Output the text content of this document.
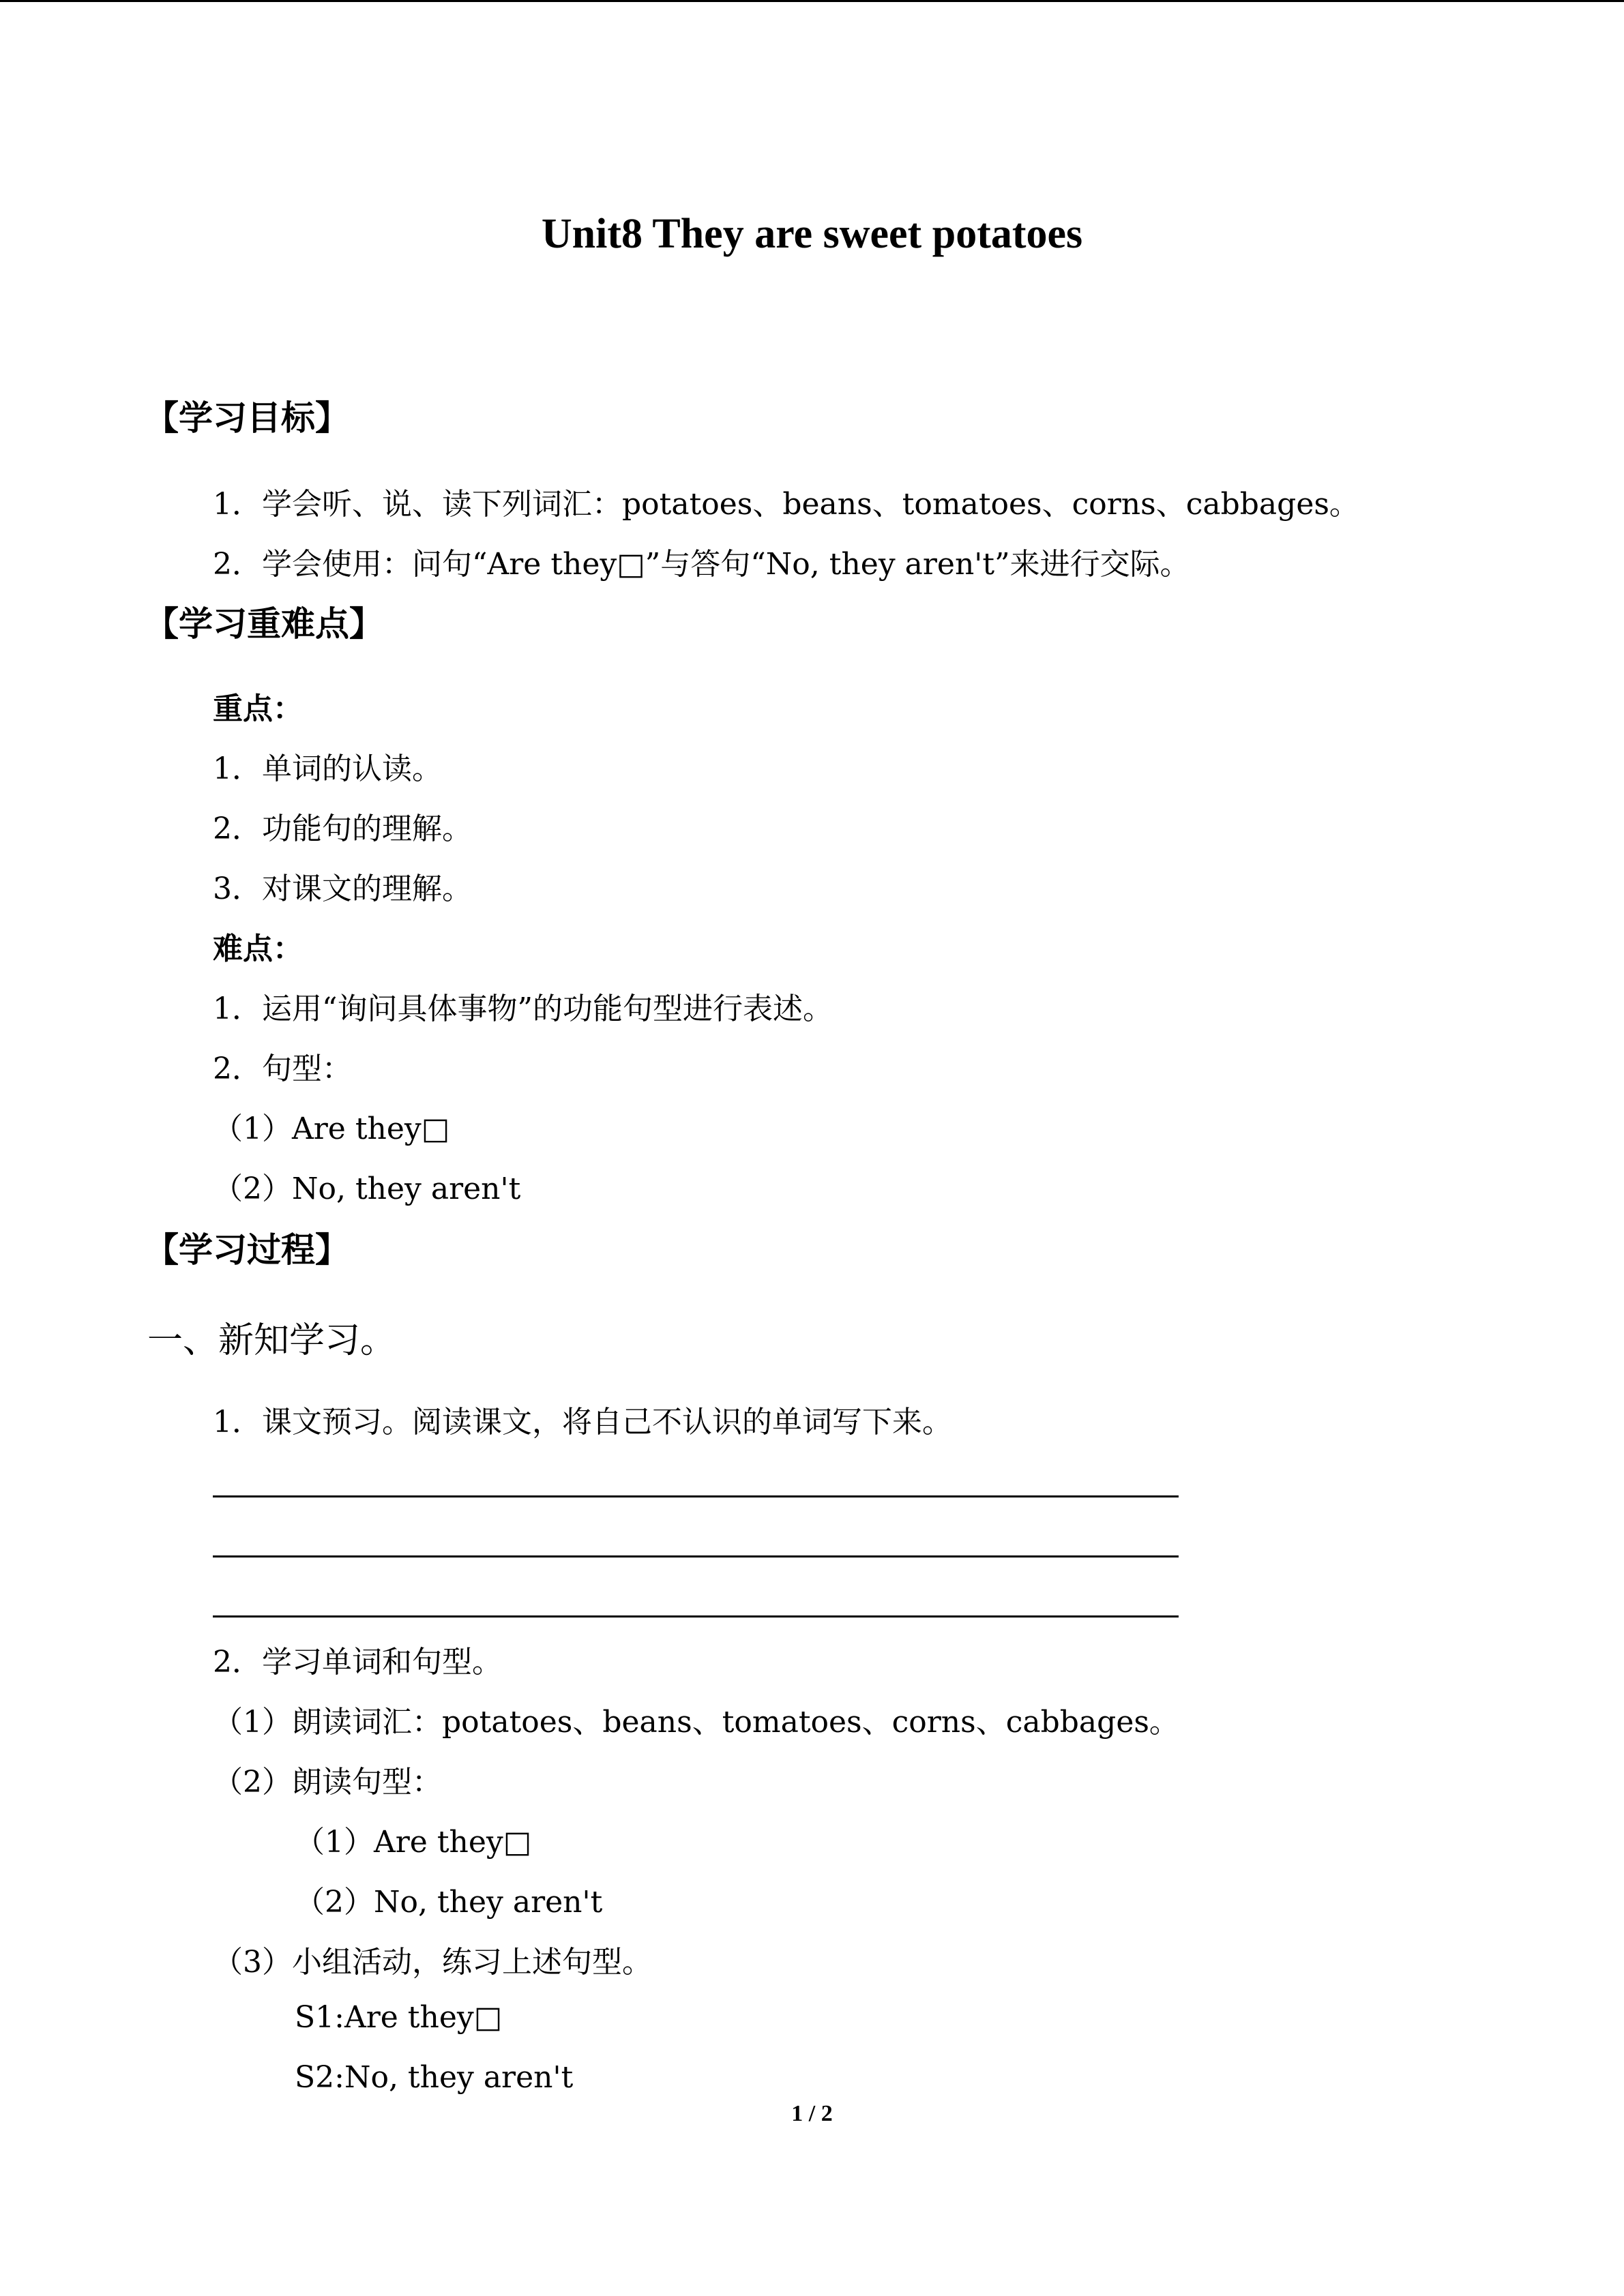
Unit8 They are sweet potatoes
【学习目标】
1．学会听、说、读下列词汇：potatoes、beans、tomatoes、corns、cabbages。
2．学会使用：问句“Are they□”与答句“No, they aren't”来进行交际。
【学习重难点】
重点：
1．单词的认读。
2．功能句的理解。
3．对课文的理解。
难点：
1．运用“询问具体事物”的功能句型进行表述。
2．句型：
（1）Are they□
（2）No, they aren't
【学习过程】
一、新知学习。
1．课文预习。阅读课文，将自己不认识的单词写下来。
2．学习单词和句型。
（1）朗读词汇：potatoes、beans、tomatoes、corns、cabbages。
（2）朗读句型：
（1）Are they□
（2）No, they aren't
（3）小组活动，练习上述句型。
S1:Are they□
S2:No, they aren't
1 / 2
